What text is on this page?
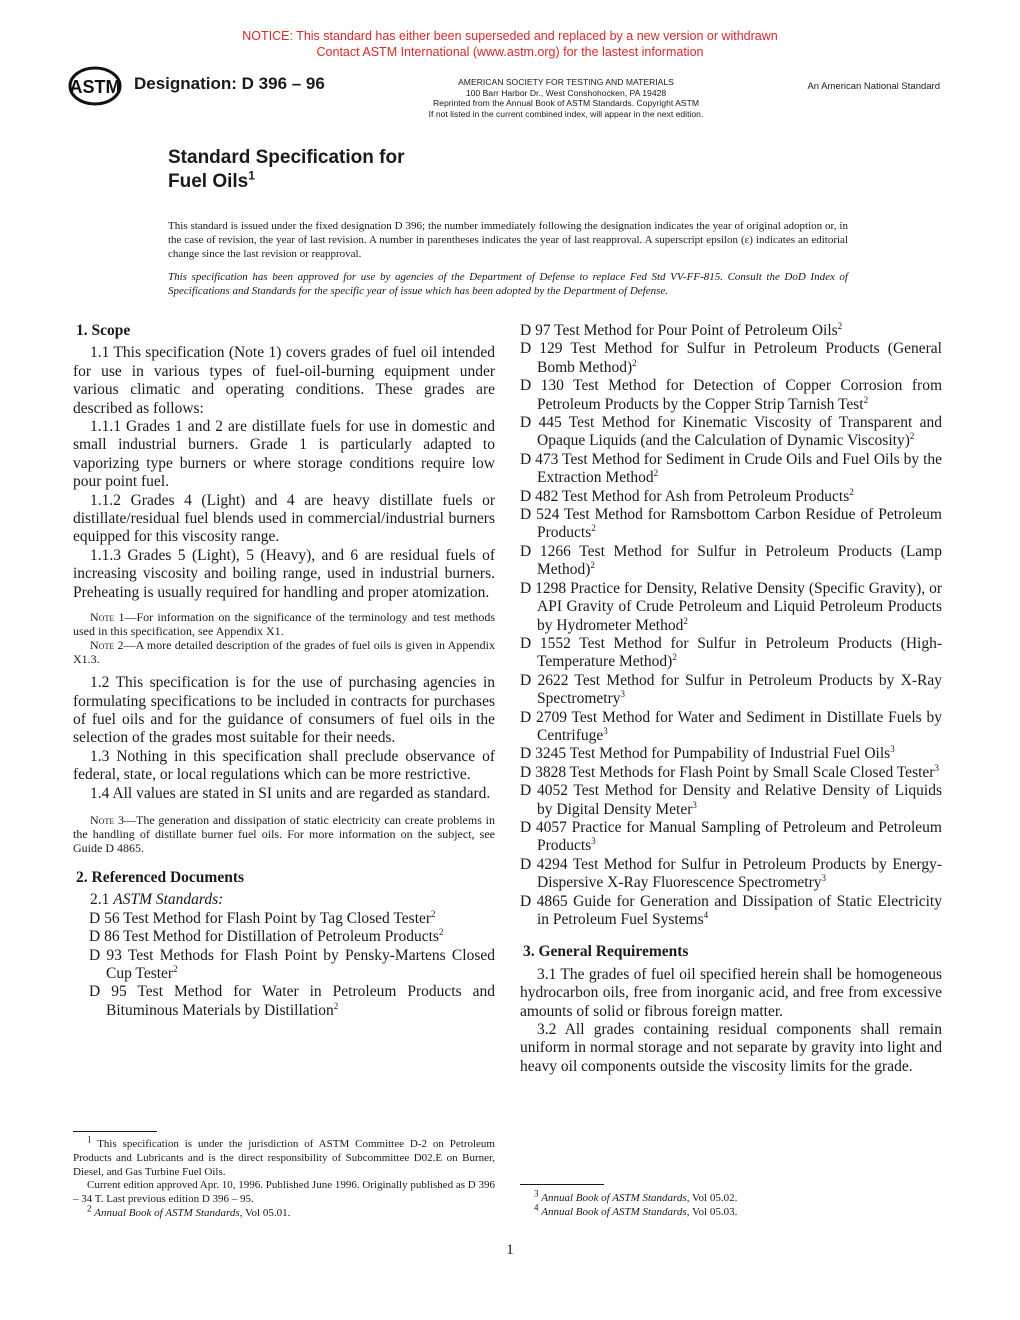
NOTICE: This standard has either been superseded and replaced by a new version or withdrawn
Contact ASTM International (www.astm.org) for the lastest information
ASTM Designation: D 396 – 96	AMERICAN SOCIETY FOR TESTING AND MATERIALS
100 Barr Harbor Dr., West Conshohocken, PA 19428
Reprinted from the Annual Book of ASTM Standards. Copyright ASTM
If not listed in the current combined index, will appear in the next edition.
An American National Standard
Standard Specification for
Fuel Oils$^1$
This standard is issued under the fixed designation D 396; the number immediately following the designation indicates the year of original adoption or, in the case of revision, the year of last revision. A number in parentheses indicates the year of last reapproval. A superscript epsilon (ε) indicates an editorial change since the last revision or reapproval.
This specification has been approved for use by agencies of the Department of Defense to replace Fed Std VV-FF-815. Consult the DoD Index of Specifications and Standards for the specific year of issue which has been adopted by the Department of Defense.
1. Scope

1.1 This specification (Note 1) covers grades of fuel oil intended for use in various types of fuel-oil-burning equipment under various climatic and operating conditions. These grades are described as follows:

1.1.1 Grades 1 and 2 are distillate fuels for use in domestic and small industrial burners. Grade 1 is particularly adapted to vaporizing type burners or where storage conditions require low pour point fuel.

1.1.2 Grades 4 (Light) and 4 are heavy distillate fuels or distillate/residual fuel blends used in commercial/industrial burners equipped for this viscosity range.

1.1.3 Grades 5 (Light), 5 (Heavy), and 6 are residual fuels of increasing viscosity and boiling range, used in industrial burners. Preheating is usually required for handling and proper atomization.

Note 1—For information on the significance of the terminology and test methods used in this specification, see Appendix X1.

Note 2—A more detailed description of the grades of fuel oils is given in Appendix X1.3.

1.2 This specification is for the use of purchasing agencies in formulating specifications to be included in contracts for purchases of fuel oils and for the guidance of consumers of fuel oils in the selection of the grades most suitable for their needs.

1.3 Nothing in this specification shall preclude observance of federal, state, or local regulations which can be more restrictive.

1.4 All values are stated in SI units and are regarded as standard.

Note 3—The generation and dissipation of static electricity can create problems in the handling of distillate burner fuel oils. For more information on the subject, see Guide D 4865.

2. Referenced Documents

2.1 ASTM Standards:

D 56 Test Method for Flash Point by Tag Closed Tester$^2$

D 86 Test Method for Distillation of Petroleum Products$^2$

D 93 Test Methods for Flash Point by Pensky-Martens Closed Cup Tester$^2$

D 95 Test Method for Water in Petroleum Products and Bituminous Materials by Distillation$^2$

D 97 Test Method for Pour Point of Petroleum Oils$^2$

D 129 Test Method for Sulfur in Petroleum Products (General Bomb Method)$^2$

D 130 Test Method for Detection of Copper Corrosion from Petroleum Products by the Copper Strip Tarnish Test$^2$

D 445 Test Method for Kinematic Viscosity of Transparent and Opaque Liquids (and the Calculation of Dynamic Viscosity)$^2$

D 473 Test Method for Sediment in Crude Oils and Fuel Oils by the Extraction Method$^2$

D 482 Test Method for Ash from Petroleum Products$^2$

D 524 Test Method for Ramsbottom Carbon Residue of Petroleum Products$^2$

D 1266 Test Method for Sulfur in Petroleum Products (Lamp Method)$^2$

D 1298 Practice for Density, Relative Density (Specific Gravity), or API Gravity of Crude Petroleum and Liquid Petroleum Products by Hydrometer Method$^2$

D 1552 Test Method for Sulfur in Petroleum Products (High-Temperature Method)$^2$

D 2622 Test Method for Sulfur in Petroleum Products by X-Ray Spectrometry$^3$

D 2709 Test Method for Water and Sediment in Distillate Fuels by Centrifuge$^3$

D 3245 Test Method for Pumpability of Industrial Fuel Oils$^3$

D 3828 Test Methods for Flash Point by Small Scale Closed Tester$^3$

D 4052 Test Method for Density and Relative Density of Liquids by Digital Density Meter$^3$

D 4057 Practice for Manual Sampling of Petroleum and Petroleum Products$^3$

D 4294 Test Method for Sulfur in Petroleum Products by Energy-Dispersive X-Ray Fluorescence Spectrometry$^3$

D 4865 Guide for Generation and Dissipation of Static Electricity in Petroleum Fuel Systems$^4$

3. General Requirements

3.1 The grades of fuel oil specified herein shall be homogeneous hydrocarbon oils, free from inorganic acid, and free from excessive amounts of solid or fibrous foreign matter.

3.2 All grades containing residual components shall remain uniform in normal storage and not separate by gravity into light and heavy oil components outside the viscosity limits for the grade.

$^1$ This specification is under the jurisdiction of ASTM Committee D-2 on Petroleum Products and Lubricants and is the direct responsibility of Subcommittee D02.E on Burner, Diesel, and Gas Turbine Fuel Oils.

Current edition approved Apr. 10, 1996. Published June 1996. Originally published as D 396 – 34 T. Last previous edition D 396 – 95.

$^2$ Annual Book of ASTM Standards, Vol 05.01.

$^3$ Annual Book of ASTM Standards, Vol 05.02.

$^4$ Annual Book of ASTM Standards, Vol 05.03.

1
